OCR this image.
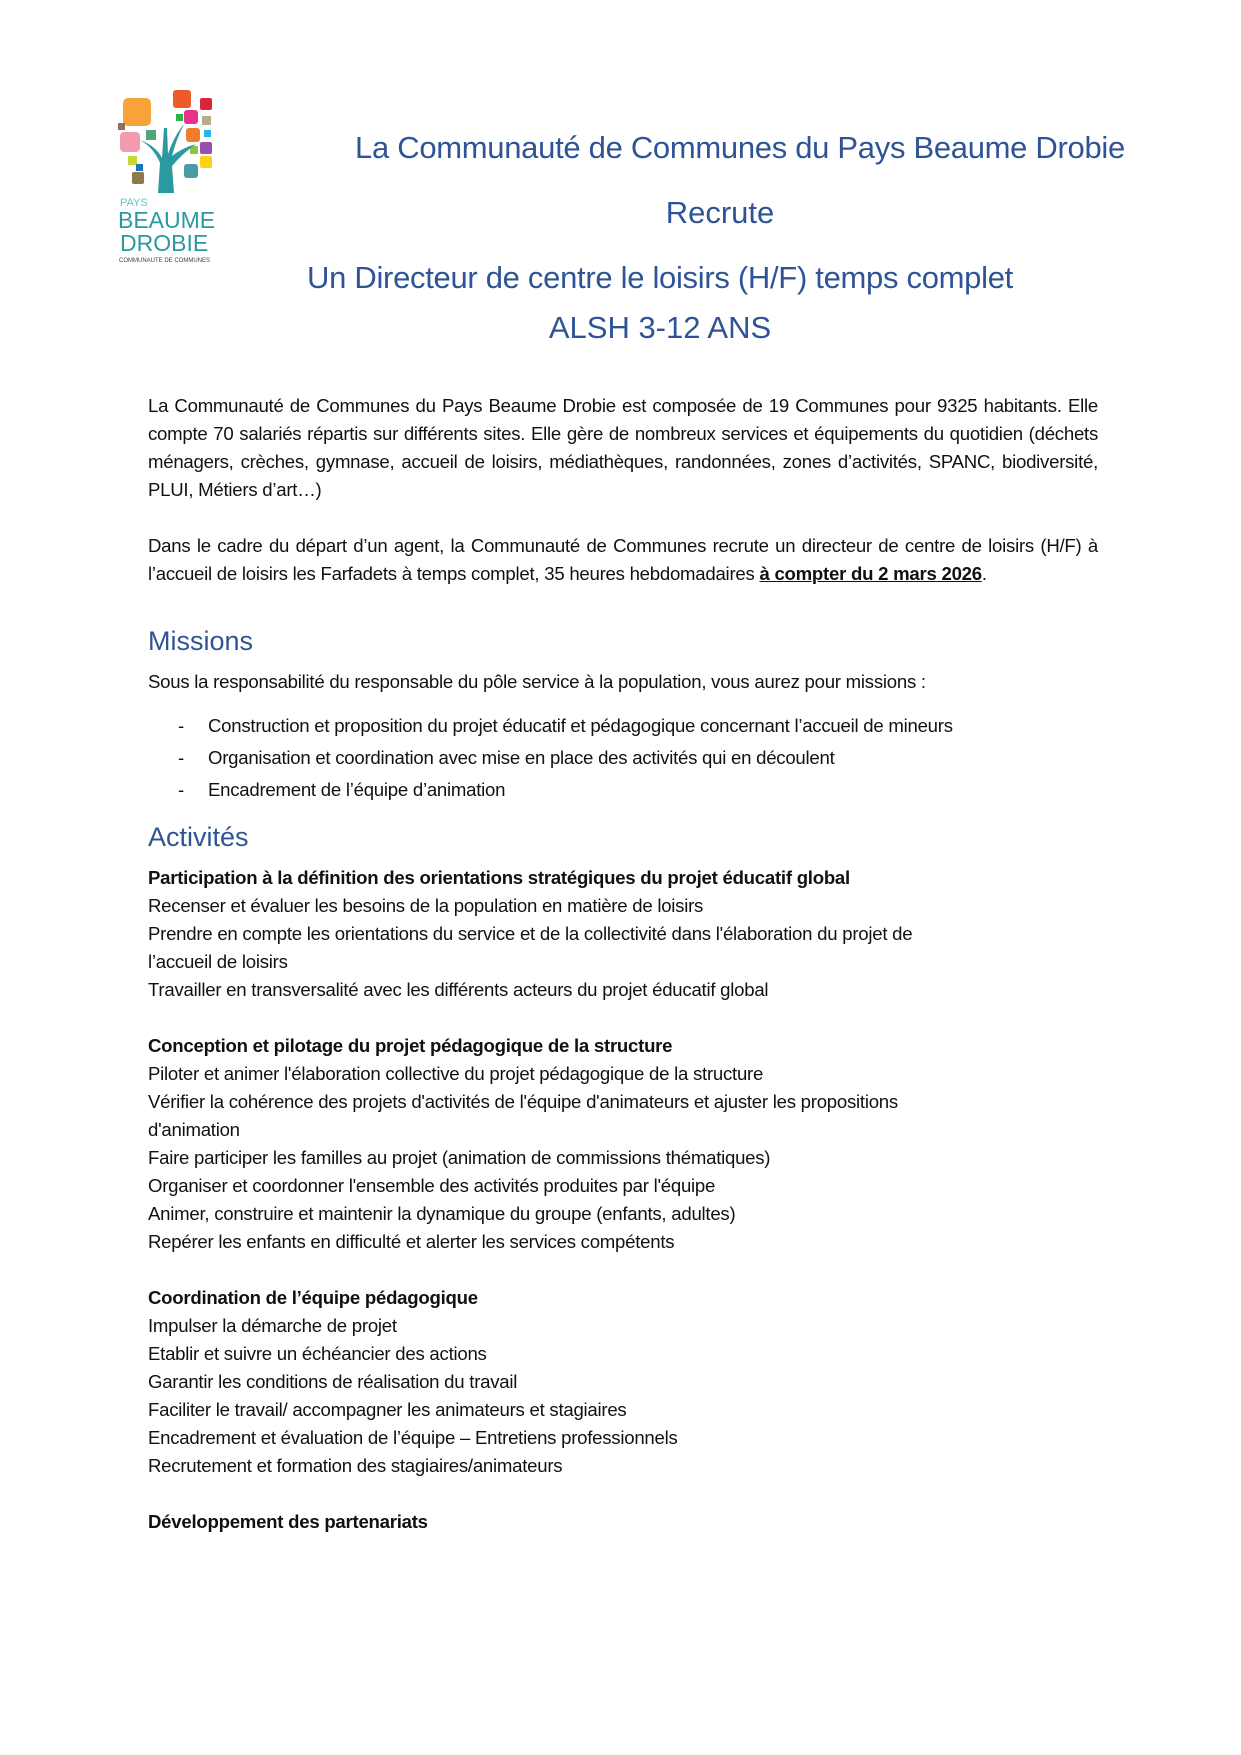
PAYS
BEAUME
DROBIE
COMMUNAUTE DE COMMUNES
La Communauté de Communes du Pays Beaume Drobie
Recrute
Un Directeur de centre le loisirs (H/F) temps complet
ALSH 3-12 ANS

La Communauté de Communes du Pays Beaume Drobie est composée de 19 Communes pour 9325 habitants. Elle compte 70 salariés répartis sur différents sites. Elle gère de nombreux services et équipements du quotidien (déchets ménagers, crèches, gymnase, accueil de loisirs, médiathèques, randonnées, zones d’activités, SPANC, biodiversité, PLUI, Métiers d’art…)

Dans le cadre du départ d’un agent, la Communauté de Communes recrute un directeur de centre de loisirs (H/F) à l’accueil de loisirs les Farfadets à temps complet, 35 heures hebdomadaires à compter du 2 mars 2026.

Missions

Sous la responsabilité du responsable du pôle service à la population, vous aurez pour missions :

- Construction et proposition du projet éducatif et pédagogique concernant l’accueil de mineurs
- Organisation et coordination avec mise en place des activités qui en découlent
- Encadrement de l’équipe d’animation
Activités
Participation à la définition des orientations stratégiques du projet éducatif global
Recenser et évaluer les besoins de la population en matière de loisirs
Prendre en compte les orientations du service et de la collectivité dans l'élaboration du projet de l’accueil de loisirs
Travailler en transversalité avec les différents acteurs du projet éducatif global
Conception et pilotage du projet pédagogique de la structure
Piloter et animer l'élaboration collective du projet pédagogique de la structure
Vérifier la cohérence des projets d'activités de l'équipe d'animateurs et ajuster les propositions d'animation
Faire participer les familles au projet (animation de commissions thématiques)
Organiser et coordonner l'ensemble des activités produites par l'équipe
Animer, construire et maintenir la dynamique du groupe (enfants, adultes)
Repérer les enfants en difficulté et alerter les services compétents
Coordination de l’équipe pédagogique
Impulser la démarche de projet
Etablir et suivre un échéancier des actions
Garantir les conditions de réalisation du travail
Faciliter le travail/ accompagner les animateurs et stagiaires
Encadrement et évaluation de l’équipe – Entretiens professionnels
Recrutement et formation des stagiaires/animateurs
Développement des partenariats
